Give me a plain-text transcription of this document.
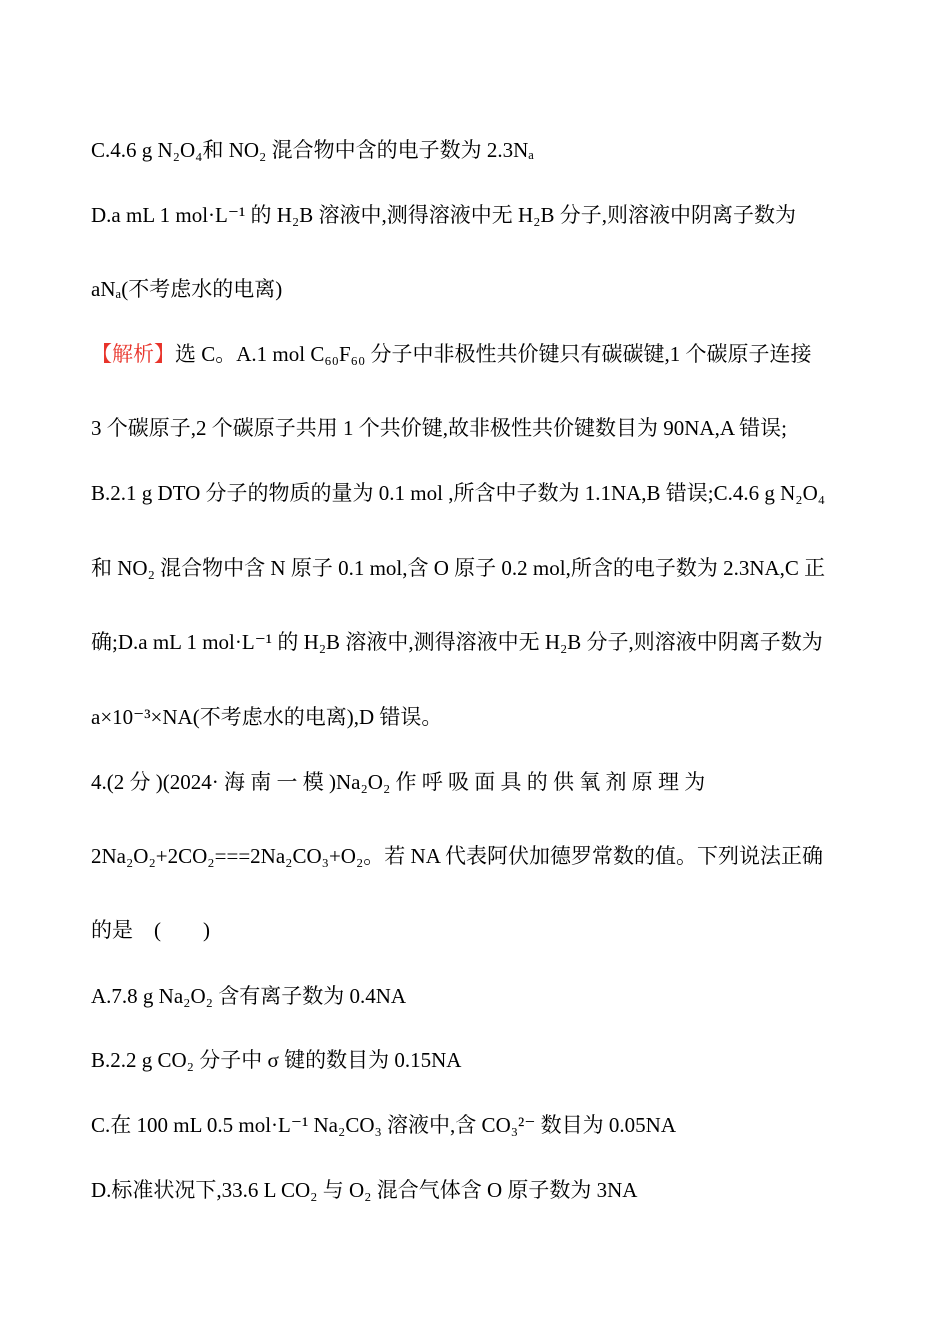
C.4.6 g N₂O₄和 NO₂ 混合物中含的电子数为 2.3Nₐ
D.a mL 1 mol·L⁻¹ 的 H₂B 溶液中,测得溶液中无 H₂B 分子,则溶液中阴离子数为
aNₐ(不考虑水的电离)
【解析】选 C。A.1 mol C₆₀F₆₀ 分子中非极性共价键只有碳碳键,1 个碳原子连接
3 个碳原子,2 个碳原子共用 1 个共价键,故非极性共价键数目为 90NA,A 错误;
B.2.1 g DTO 分子的物质的量为 0.1 mol ,所含中子数为 1.1NA,B 错误;C.4.6 g N₂O₄
和 NO₂ 混合物中含 N 原子 0.1 mol,含 O 原子 0.2 mol,所含的电子数为 2.3NA,C 正
确;D.a mL 1 mol·L⁻¹ 的 H₂B 溶液中,测得溶液中无 H₂B 分子,则溶液中阴离子数为
a×10⁻³×NA(不考虑水的电离),D 错误。
4.(2 分 )(2024· 海 南 一 模 )Na₂O₂ 作 呼 吸 面 具 的 供 氧 剂 原 理 为
2Na₂O₂+2CO₂===2Na₂CO₃+O₂。若 NA 代表阿伏加德罗常数的值。下列说法正确
的是　(　　)
A.7.8 g Na₂O₂ 含有离子数为 0.4NA
B.2.2 g CO₂ 分子中 σ 键的数目为 0.15NA
C.在 100 mL 0.5 mol·L⁻¹ Na₂CO₃ 溶液中,含 CO₃²⁻ 数目为 0.05NA
D.标准状况下,33.6 L CO₂ 与 O₂ 混合气体含 O 原子数为 3NA
